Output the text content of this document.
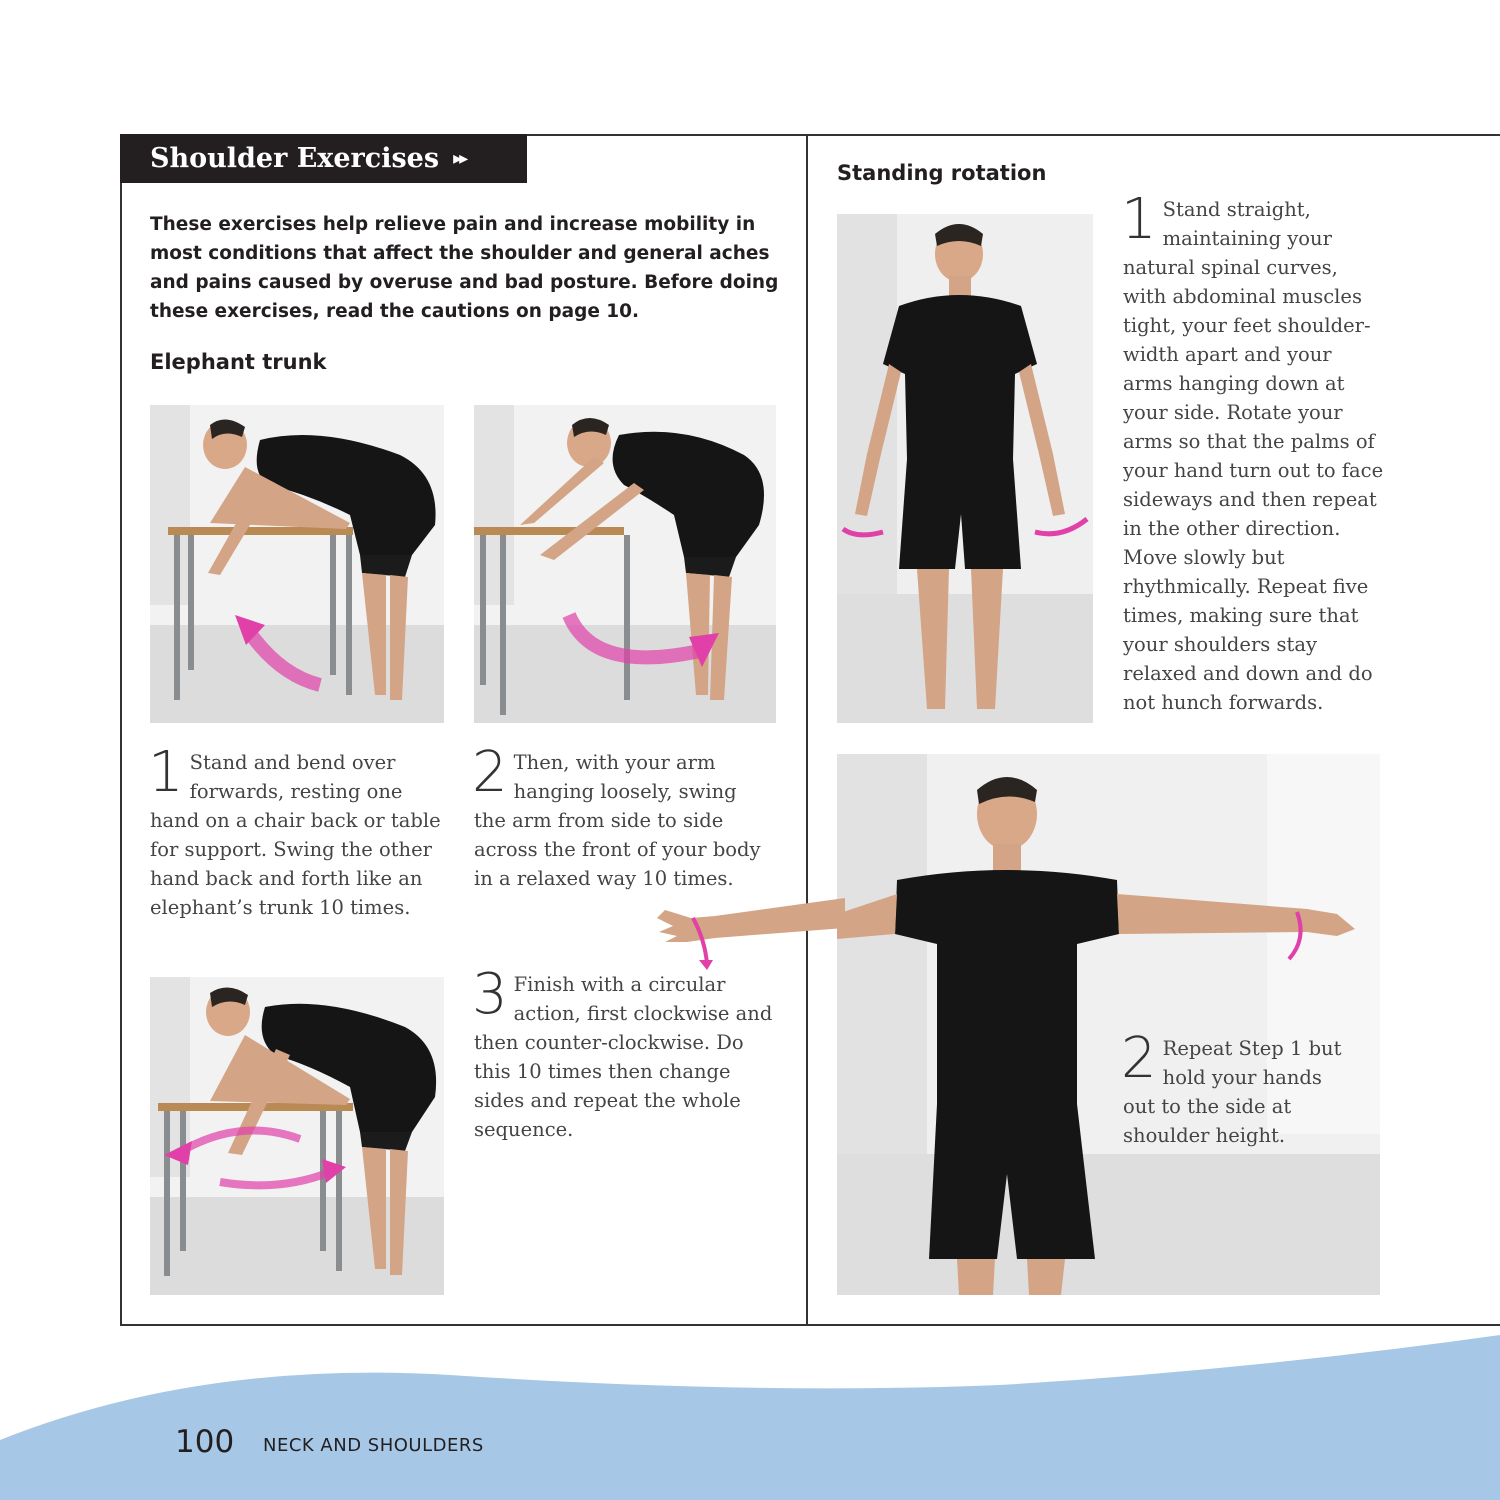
Shoulder Exercises ▸▸
These exercises help relieve pain and increase mobility in most conditions that affect the shoulder and general aches and pains caused by overuse and bad posture. Before doing these exercises, read the cautions on page 10.
Elephant trunk
Standing rotation
1 Stand and bend over forwards, resting one hand on a chair back or table for support. Swing the other hand back and forth like an elephant’s trunk 10 times.
2 Then, with your arm hanging loosely, swing the arm from side to side across the front of your body in a relaxed way 10 times.
3 Finish with a circular action, first clockwise and then counter-clockwise. Do this 10 times then change sides and repeat the whole sequence.
1 Stand straight, maintaining your natural spinal curves, with abdominal muscles tight, your feet shoulder-width apart and your arms hanging down at your side. Rotate your arms so that the palms of your hand turn out to face sideways and then repeat in the other direction. Move slowly but rhythmically. Repeat five times, making sure that your shoulders stay relaxed and down and do not hunch forwards.
2 Repeat Step 1 but hold your hands out to the side at shoulder height.
100 NECK AND SHOULDERS
